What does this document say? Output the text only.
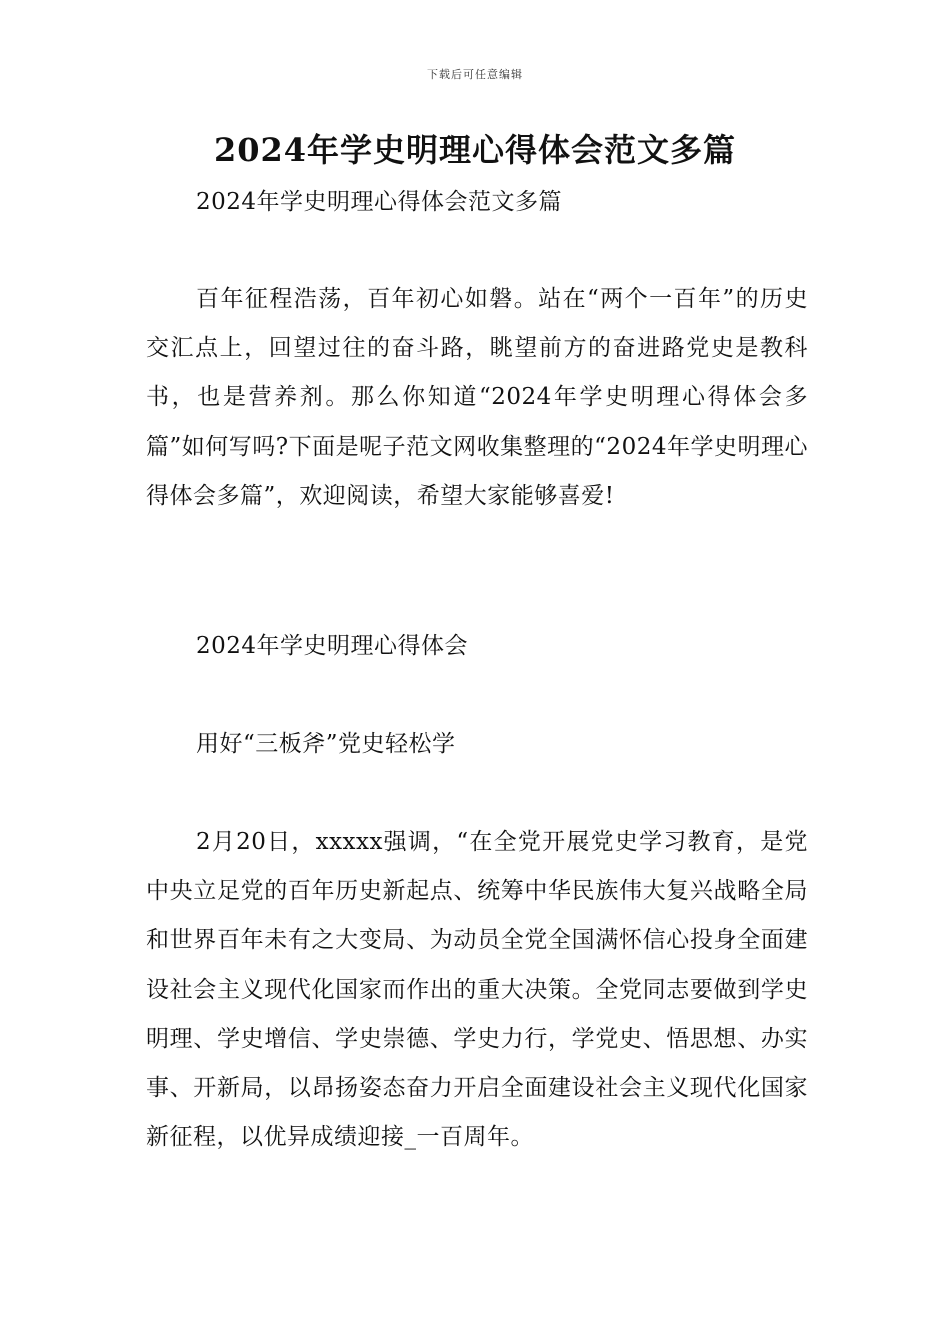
下载后可任意编辑
2024年学史明理心得体会范文多篇

2024年学史明理心得体会范文多篇

百年征程浩荡，百年初心如磐。站在“两个一百年”的历史交汇点上，回望过往的奋斗路，眺望前方的奋进路党史是教科书，也是营养剂。那么你知道“2024年学史明理心得体会多篇”如何写吗?下面是呢子范文网收集整理的“2024年学史明理心得体会多篇”，欢迎阅读，希望大家能够喜爱!

2024年学史明理心得体会

用好“三板斧”党史轻松学

2月20日，xxxxx强调，“在全党开展党史学习教育，是党中央立足党的百年历史新起点、统筹中华民族伟大复兴战略全局和世界百年未有之大变局、为动员全党全国满怀信心投身全面建设社会主义现代化国家而作出的重大决策。全党同志要做到学史明理、学史增信、学史崇德、学史力行，学党史、悟思想、办实事、开新局，以昂扬姿态奋力开启全面建设社会主义现代化国家新征程，以优异成绩迎接_一百周年。
